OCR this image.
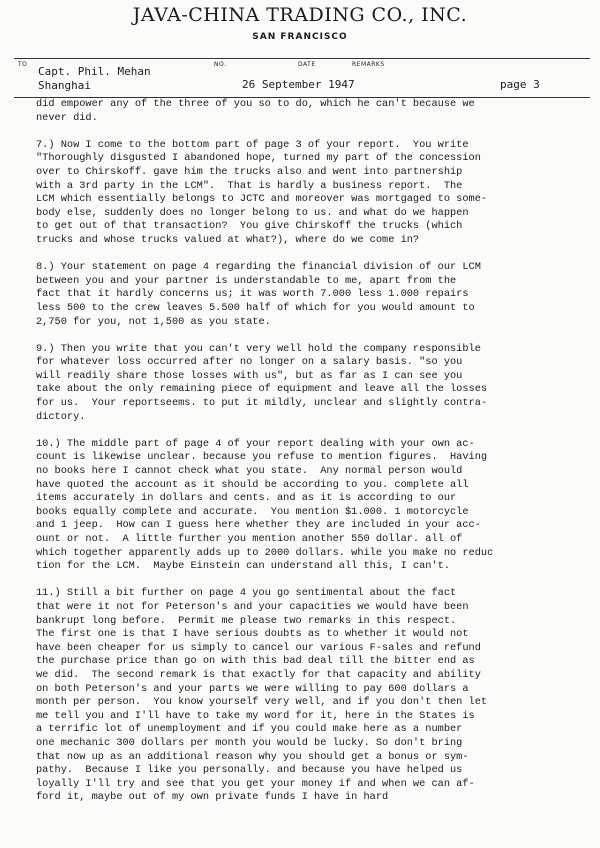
JAVA-CHINA TRADING CO., INC.
SAN FRANCISCO
TO	NO.	DATE	REMARKS
Capt. Phil. Mehan
Shanghai	26 September 1947	page 3

did empower any of the three of you so to do, which he can't because we
never did.

7.) Now I come to the bottom part of page 3 of your report.  You write
"Thoroughly disgusted I abandoned hope, turned my part of the concession
over to Chirskoff. gave him the trucks also and went into partnership
with a 3rd party in the LCM".  That is hardly a business report.  The
LCM which essentially belongs to JCTC and moreover was mortgaged to some-
body else, suddenly does no longer belong to us. and what do we happen
to get out of that transaction?  You give Chirskoff the trucks (which
trucks and whose trucks valued at what?), where do we come in?

8.) Your statement on page 4 regarding the financial division of our LCM
between you and your partner is understandable to me, apart from the
fact that it hardly concerns us; it was worth 7.000 less 1.000 repairs
less 500 to the crew leaves 5.500 half of which for you would amount to
2,750 for you, not 1,500 as you state.

9.) Then you write that you can't very well hold the company responsible
for whatever loss occurred after no longer on a salary basis. "so you
will readily share those losses with us", but as far as I can see you
take about the only remaining piece of equipment and leave all the losses
for us.  Your reportseems. to put it mildly, unclear and slightly contra-
dictory.

10.) The middle part of page 4 of your report dealing with your own ac-
count is likewise unclear. because you refuse to mention figures.  Having
no books here I cannot check what you state.  Any normal person would
have quoted the account as it should be according to you. complete all
items accurately in dollars and cents. and as it is according to our
books equally complete and accurate.  You mention $1.000. 1 motorcycle
and 1 jeep.  How can I guess here whether they are included in your acc-
ount or not.  A little further you mention another 550 dollar. all of
which together apparently adds up to 2000 dollars. while you make no reduc
tion for the LCM.  Maybe Einstein can understand all this, I can't.

11.) Still a bit further on page 4 you go sentimental about the fact
that were it not for Peterson's and your capacities we would have been
bankrupt long before.  Permit me please two remarks in this respect.
The first one is that I have serious doubts as to whether it would not
have been cheaper for us simply to cancel our various F-sales and refund
the purchase price than go on with this bad deal till the bitter end as
we did.  The second remark is that exactly for that capacity and ability
on both Peterson's and your parts we were willing to pay 600 dollars a
month per person.  You know yourself very well, and if you don't then let
me tell you and I'll have to take my word for it, here in the States is
a terrific lot of unemployment and if you could make here as a number
one mechanic 300 dollars per month you would be lucky. So don't bring
that now up as an additional reason why you should get a bonus or sym-
pathy.  Because I like you personally. and because you have helped us
loyally I'll try and see that you get your money if and when we can af-
ford it, maybe out of my own private funds I have in hard
